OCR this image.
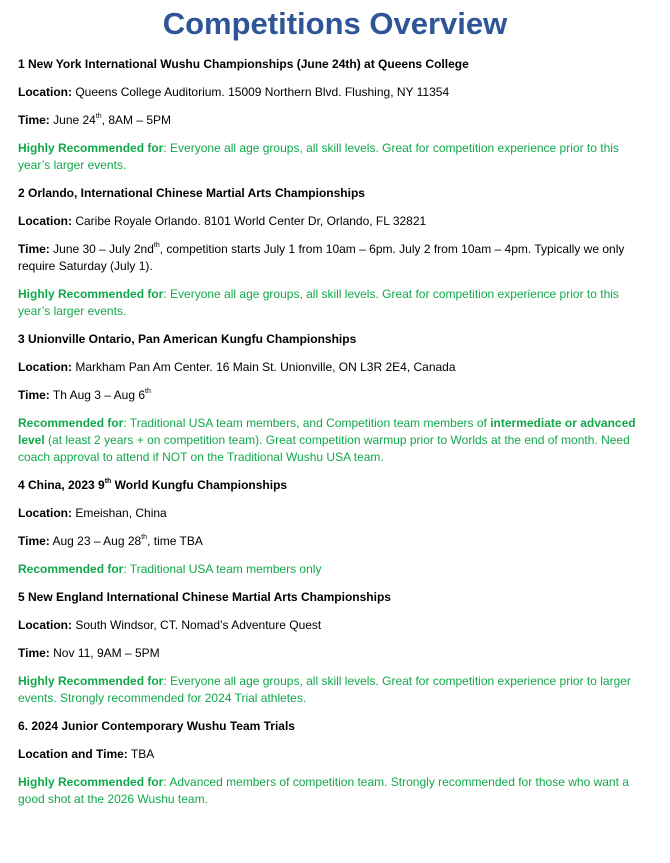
Competitions Overview

1 New York International Wushu Championships (June 24th) at Queens College

Location: Queens College Auditorium. 15009 Northern Blvd. Flushing, NY 11354

Time: June 24th, 8AM – 5PM

Highly Recommended for: Everyone all age groups, all skill levels. Great for competition experience prior to this year’s larger events.

2 Orlando, International Chinese Martial Arts Championships

Location: Caribe Royale Orlando. 8101 World Center Dr, Orlando, FL 32821

Time: June 30 – July $2nd^{th}$, competition starts July 1 from 10am – 6pm. July 2 from 10am – 4pm. Typically we only require Saturday (July 1).

Highly Recommended for: Everyone all age groups, all skill levels. Great for competition experience prior to this year’s larger events.

3 Unionville Ontario, Pan American Kungfu Championships

Location: Markham Pan Am Center. 16 Main St. Unionville, ON L3R 2E4, Canada

Time: Th Aug 3 – Aug 6th

Recommended for: Traditional USA team members, and Competition team members of intermediate or advanced level (at least 2 years + on competition team). Great competition warmup prior to Worlds at the end of month. Need coach approval to attend if NOT on the Traditional Wushu USA team.

4 China, 2023 9th World Kungfu Championships

Location: Emeishan, China

Time: Aug 23 – Aug 28th, time TBA

Recommended for: Traditional USA team members only

5 New England International Chinese Martial Arts Championships

Location: South Windsor, CT. Nomad’s Adventure Quest

Time: Nov 11, 9AM – 5PM

Highly Recommended for: Everyone all age groups, all skill levels. Great for competition experience prior to larger events. Strongly recommended for 2024 Trial athletes.

6. 2024 Junior Contemporary Wushu Team Trials

Location and Time: TBA

Highly Recommended for: Advanced members of competition team. Strongly recommended for those who want a good shot at the 2026 Wushu team.
